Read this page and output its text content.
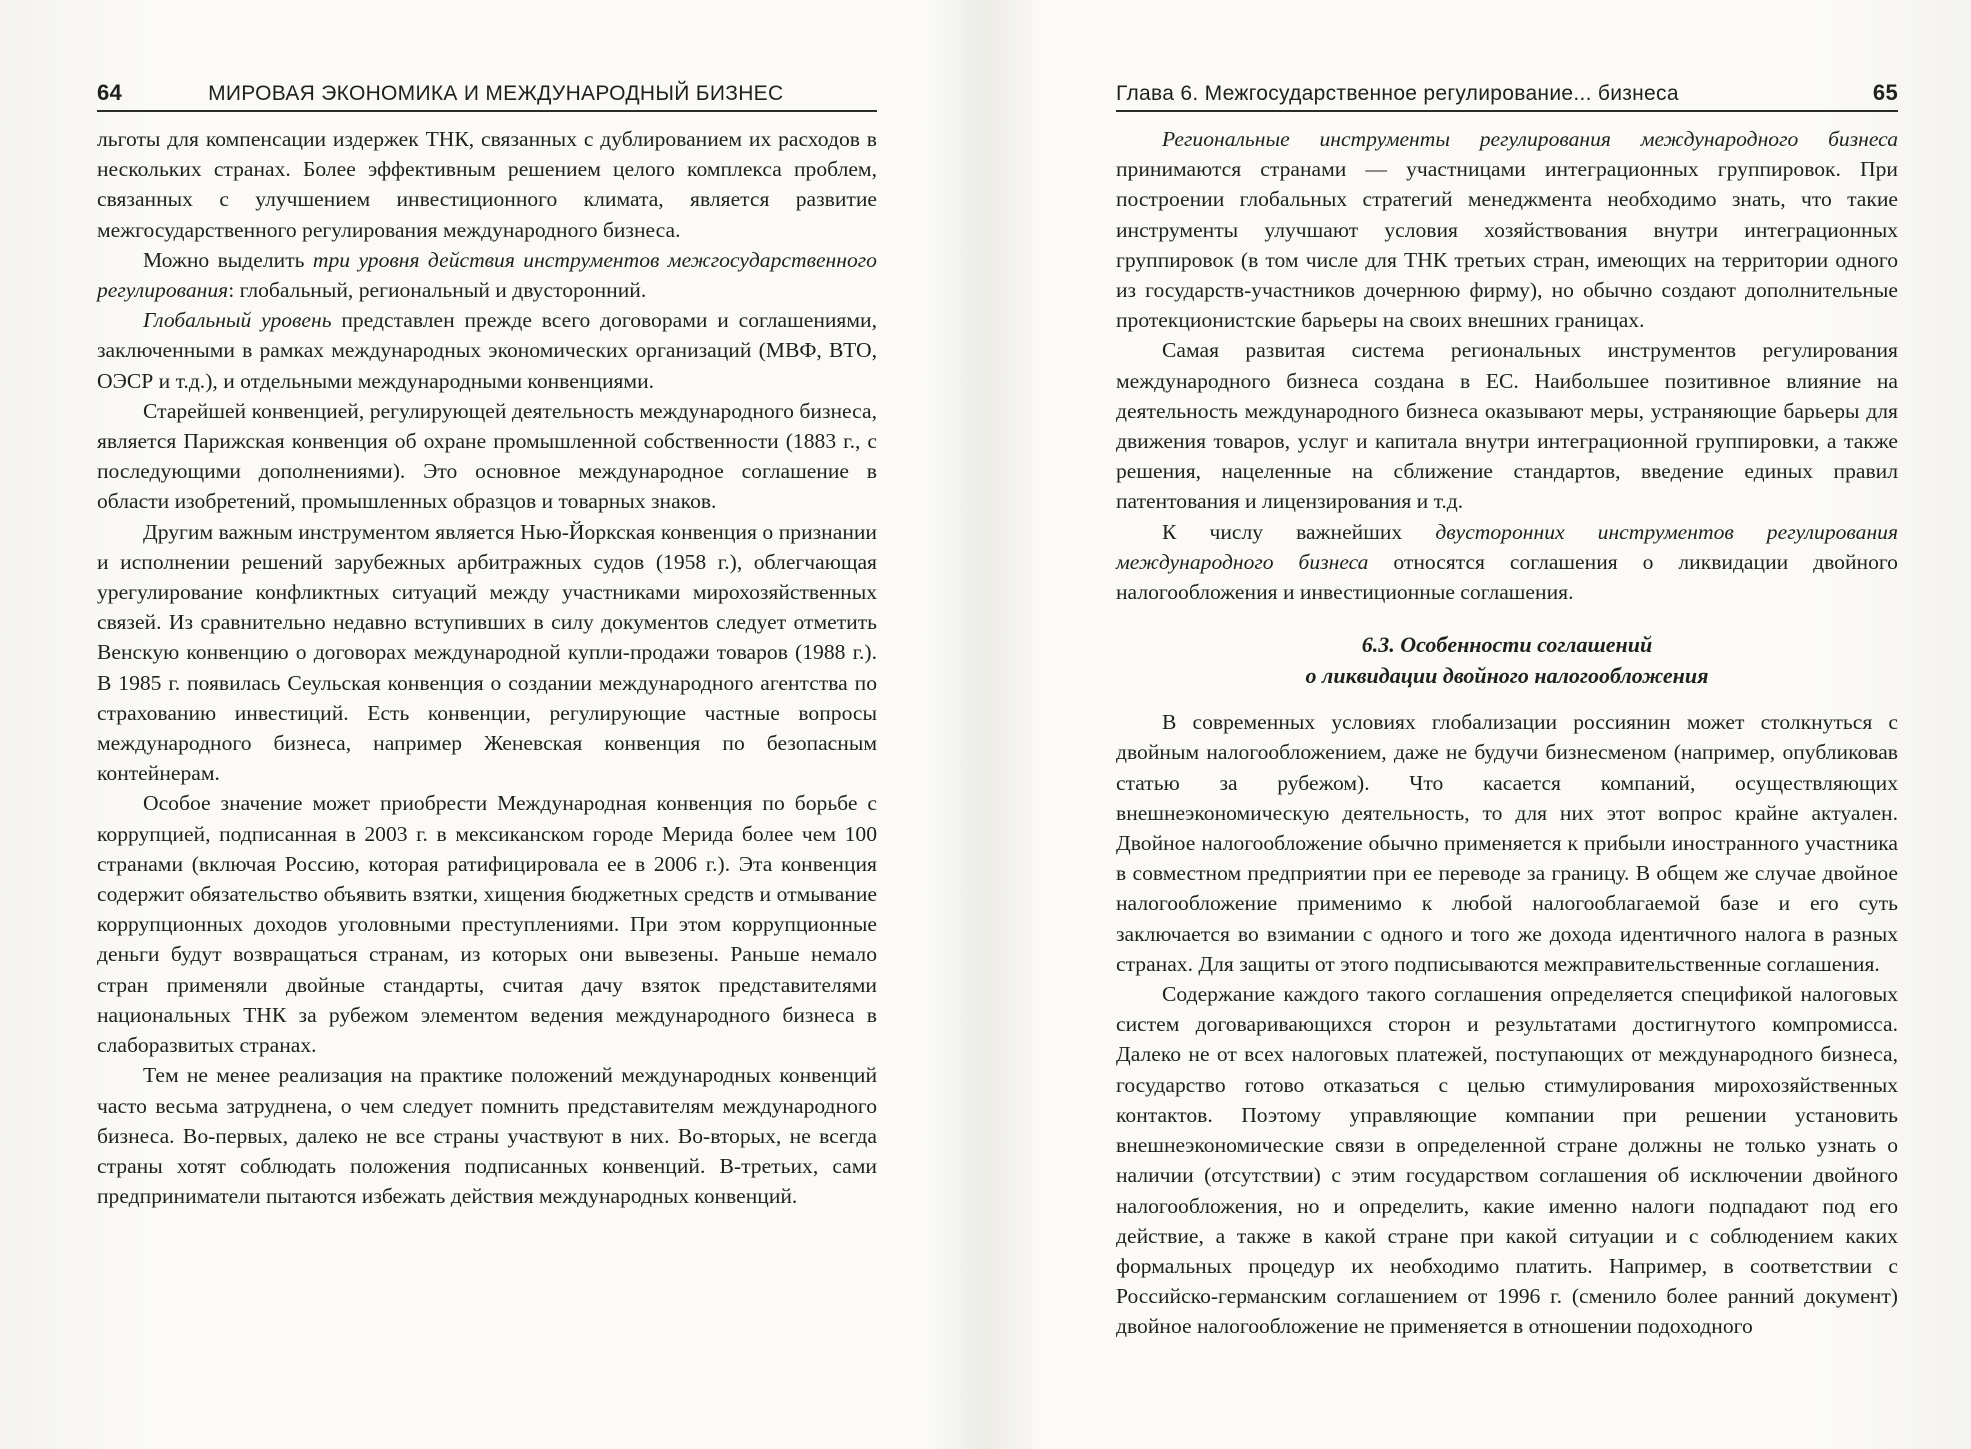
64	МИРОВАЯ ЭКОНОМИКА И МЕЖДУНАРОДНЫЙ БИЗНЕС

льготы для компенсации издержек ТНК, связанных с дублированием их расходов в нескольких странах. Более эффективным решением целого комплекса проблем, связанных с улучшением инвестиционного климата, является развитие межгосударственного регулирования международного бизнеса.

Можно выделить три уровня действия инструментов межгосударственного регулирования: глобальный, региональный и двусторонний.

Глобальный уровень представлен прежде всего договорами и соглашениями, заключенными в рамках международных экономических организаций (МВФ, ВТО, ОЭСР и т.д.), и отдельными международными конвенциями.

Старейшей конвенцией, регулирующей деятельность международного бизнеса, является Парижская конвенция об охране промышленной собственности (1883 г., с последующими дополнениями). Это основное международное соглашение в области изобретений, промышленных образцов и товарных знаков.

Другим важным инструментом является Нью-Йоркская конвенция о признании и исполнении решений зарубежных арбитражных судов (1958 г.), облегчающая урегулирование конфликтных ситуаций между участниками мирохозяйственных связей. Из сравнительно недавно вступивших в силу документов следует отметить Венскую конвенцию о договорах международной купли-продажи товаров (1988 г.). В 1985 г. появилась Сеульская конвенция о создании международного агентства по страхованию инвестиций. Есть конвенции, регулирующие частные вопросы международного бизнеса, например Женевская конвенция по безопасным контейнерам.

Особое значение может приобрести Международная конвенция по борьбе с коррупцией, подписанная в 2003 г. в мексиканском городе Мерида более чем 100 странами (включая Россию, которая ратифицировала ее в 2006 г.). Эта конвенция содержит обязательство объявить взятки, хищения бюджетных средств и отмывание коррупционных доходов уголовными преступлениями. При этом коррупционные деньги будут возвращаться странам, из которых они вывезены. Раньше немало стран применяли двойные стандарты, считая дачу взяток представителями национальных ТНК за рубежом элементом ведения международного бизнеса в слаборазвитых странах.

Тем не менее реализация на практике положений международных конвенций часто весьма затруднена, о чем следует помнить представителям международного бизнеса. Во-первых, далеко не все страны участвуют в них. Во-вторых, не всегда страны хотят соблюдать положения подписанных конвенций. В-третьих, сами предприниматели пытаются избежать действия международных конвенций.

Глава 6. Межгосударственное регулирование... бизнеса	65

Региональные инструменты регулирования международного бизнеса принимаются странами — участницами интеграционных группировок. При построении глобальных стратегий менеджмента необходимо знать, что такие инструменты улучшают условия хозяйствования внутри интеграционных группировок (в том числе для ТНК третьих стран, имеющих на территории одного из государств-участников дочернюю фирму), но обычно создают дополнительные протекционистские барьеры на своих внешних границах.

Самая развитая система региональных инструментов регулирования международного бизнеса создана в ЕС. Наибольшее позитивное влияние на деятельность международного бизнеса оказывают меры, устраняющие барьеры для движения товаров, услуг и капитала внутри интеграционной группировки, а также решения, нацеленные на сближение стандартов, введение единых правил патентования и лицензирования и т.д.

К числу важнейших двусторонних инструментов регулирования международного бизнеса относятся соглашения о ликвидации двойного налогообложения и инвестиционные соглашения.

6.3. Особенности соглашений
о ликвидации двойного налогообложения

В современных условиях глобализации россиянин может столкнуться с двойным налогообложением, даже не будучи бизнесменом (например, опубликовав статью за рубежом). Что касается компаний, осуществляющих внешнеэкономическую деятельность, то для них этот вопрос крайне актуален. Двойное налогообложение обычно применяется к прибыли иностранного участника в совместном предприятии при ее переводе за границу. В общем же случае двойное налогообложение применимо к любой налогооблагаемой базе и его суть заключается во взимании с одного и того же дохода идентичного налога в разных странах. Для защиты от этого подписываются межправительственные соглашения.

Содержание каждого такого соглашения определяется спецификой налоговых систем договаривающихся сторон и результатами достигнутого компромисса. Далеко не от всех налоговых платежей, поступающих от международного бизнеса, государство готово отказаться с целью стимулирования мирохозяйственных контактов. Поэтому управляющие компании при решении установить внешнеэкономические связи в определенной стране должны не только узнать о наличии (отсутствии) с этим государством соглашения об исключении двойного налогообложения, но и определить, какие именно налоги подпадают под его действие, а также в какой стране при какой ситуации и с соблюдением каких формальных процедур их необходимо платить. Например, в соответствии с Российско-германским соглашением от 1996 г. (сменило более ранний документ) двойное налогообложение не применяется в отношении подоходного
